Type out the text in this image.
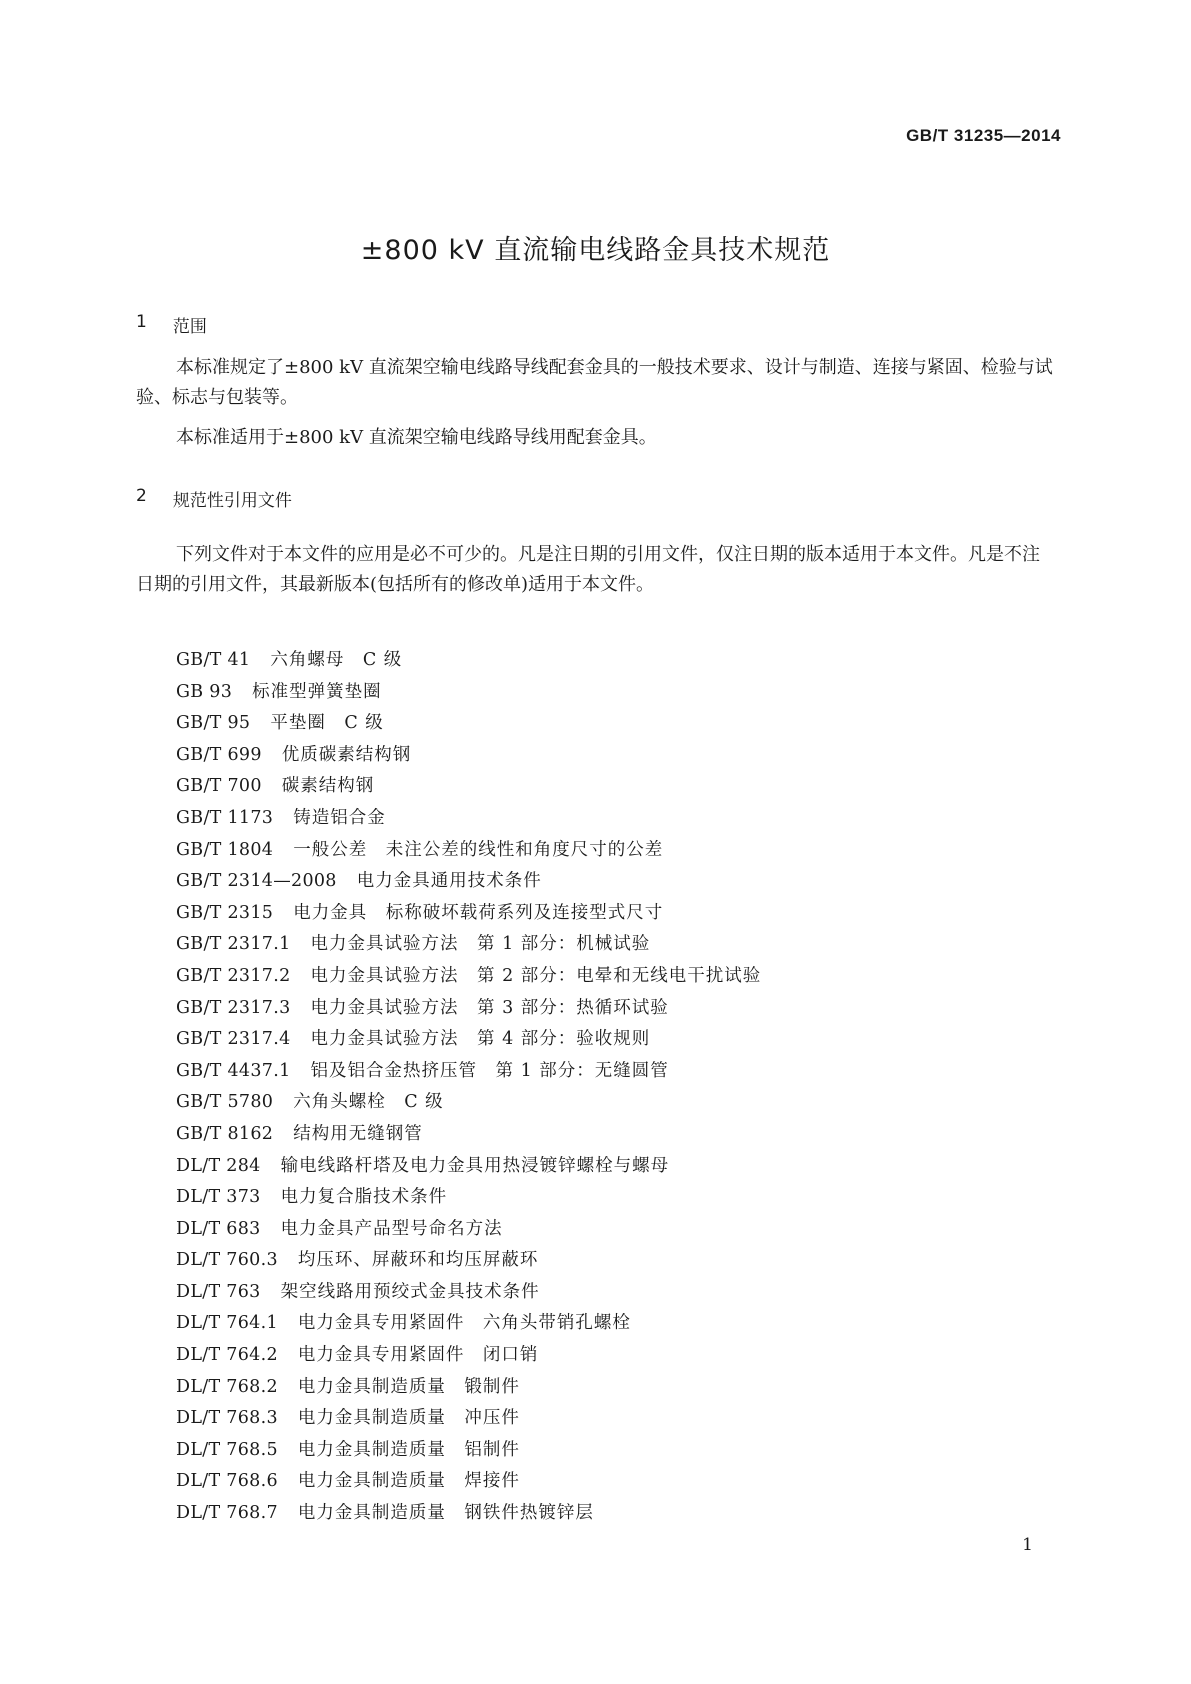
GB/T 31235—2014
±800 kV 直流输电线路金具技术规范
1 范围

本标准规定了±800 kV 直流架空输电线路导线配套金具的一般技术要求、设计与制造、连接与紧固、检验与试验、标志与包装等。

本标准适用于±800 kV 直流架空输电线路导线用配套金具。

2 规范性引用文件

下列文件对于本文件的应用是必不可少的。凡是注日期的引用文件，仅注日期的版本适用于本文件。凡是不注日期的引用文件，其最新版本(包括所有的修改单)适用于本文件。

GB/T 41 六角螺母　C 级
GB 93 标准型弹簧垫圈
GB/T 95 平垫圈　C 级
GB/T 699 优质碳素结构钢
GB/T 700 碳素结构钢
GB/T 1173 铸造铝合金
GB/T 1804 一般公差　未注公差的线性和角度尺寸的公差
GB/T 2314—2008 电力金具通用技术条件
GB/T 2315 电力金具　标称破坏载荷系列及连接型式尺寸
GB/T 2317.1 电力金具试验方法　第 1 部分：机械试验
GB/T 2317.2 电力金具试验方法　第 2 部分：电晕和无线电干扰试验
GB/T 2317.3 电力金具试验方法　第 3 部分：热循环试验
GB/T 2317.4 电力金具试验方法　第 4 部分：验收规则
GB/T 4437.1 铝及铝合金热挤压管　第 1 部分：无缝圆管
GB/T 5780 六角头螺栓　C 级
GB/T 8162 结构用无缝钢管
DL/T 284 输电线路杆塔及电力金具用热浸镀锌螺栓与螺母
DL/T 373 电力复合脂技术条件
DL/T 683 电力金具产品型号命名方法
DL/T 760.3 均压环、屏蔽环和均压屏蔽环
DL/T 763 架空线路用预绞式金具技术条件
DL/T 764.1 电力金具专用紧固件　六角头带销孔螺栓
DL/T 764.2 电力金具专用紧固件　闭口销
DL/T 768.2 电力金具制造质量　锻制件
DL/T 768.3 电力金具制造质量　冲压件
DL/T 768.5 电力金具制造质量　铝制件
DL/T 768.6 电力金具制造质量　焊接件
DL/T 768.7 电力金具制造质量　钢铁件热镀锌层
1
